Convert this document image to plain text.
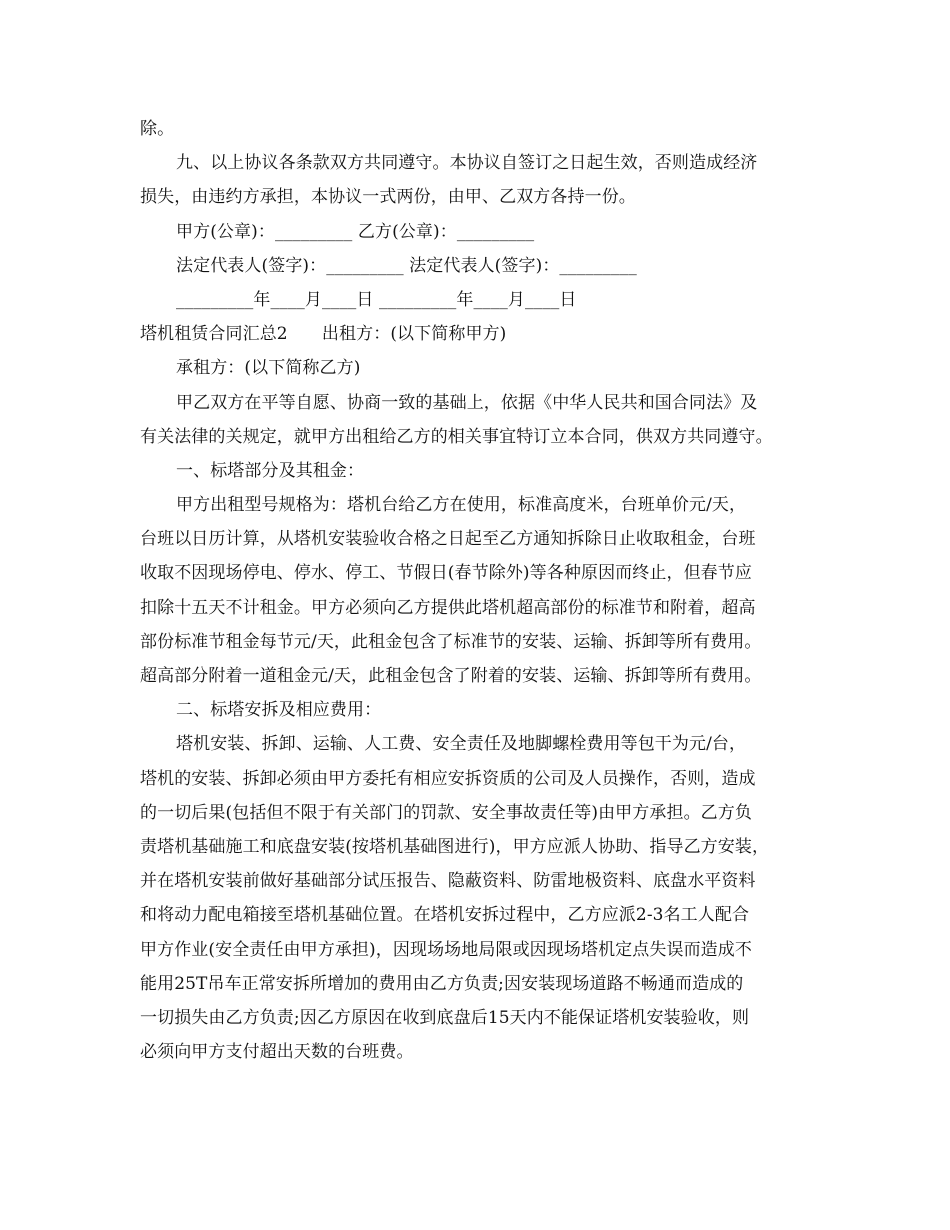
除。

九、以上协议各条款双方共同遵守。本协议自签订之日起生效，否则造成经济

损失，由违约方承担，本协议一式两份，由甲、乙双方各持一份。

甲方(公章)：_________ 乙方(公章)：_________

法定代表人(签字)：_________ 法定代表人(签字)：_________

_________年____月____日 _________年____月____日

塔机租赁合同汇总2　　出租方：(以下简称甲方)

承租方：(以下简称乙方)

甲乙双方在平等自愿、协商一致的基础上，依据《中华人民共和国合同法》及

有关法律的关规定，就甲方出租给乙方的相关事宜特订立本合同，供双方共同遵守。

一、标塔部分及其租金：

甲方出租型号规格为：塔机台给乙方在使用，标准高度米，台班单价元/天，

台班以日历计算，从塔机安装验收合格之日起至乙方通知拆除日止收取租金，台班

收取不因现场停电、停水、停工、节假日(春节除外)等各种原因而终止，但春节应

扣除十五天不计租金。甲方必须向乙方提供此塔机超高部份的标准节和附着，超高

部份标准节租金每节元/天，此租金包含了标准节的安装、运输、拆卸等所有费用。

超高部分附着一道租金元/天，此租金包含了附着的安装、运输、拆卸等所有费用。

二、标塔安拆及相应费用：

塔机安装、拆卸、运输、人工费、安全责任及地脚螺栓费用等包干为元/台，

塔机的安装、拆卸必须由甲方委托有相应安拆资质的公司及人员操作，否则，造成

的一切后果(包括但不限于有关部门的罚款、安全事故责任等)由甲方承担。乙方负

责塔机基础施工和底盘安装(按塔机基础图进行)，甲方应派人协助、指导乙方安装，

并在塔机安装前做好基础部分试压报告、隐蔽资料、防雷地极资料、底盘水平资料

和将动力配电箱接至塔机基础位置。在塔机安拆过程中，乙方应派2-3名工人配合

甲方作业(安全责任由甲方承担)，因现场场地局限或因现场塔机定点失误而造成不

能用25T吊车正常安拆所增加的费用由乙方负责;因安装现场道路不畅通而造成的

一切损失由乙方负责;因乙方原因在收到底盘后15天内不能保证塔机安装验收，则

必须向甲方支付超出天数的台班费。
